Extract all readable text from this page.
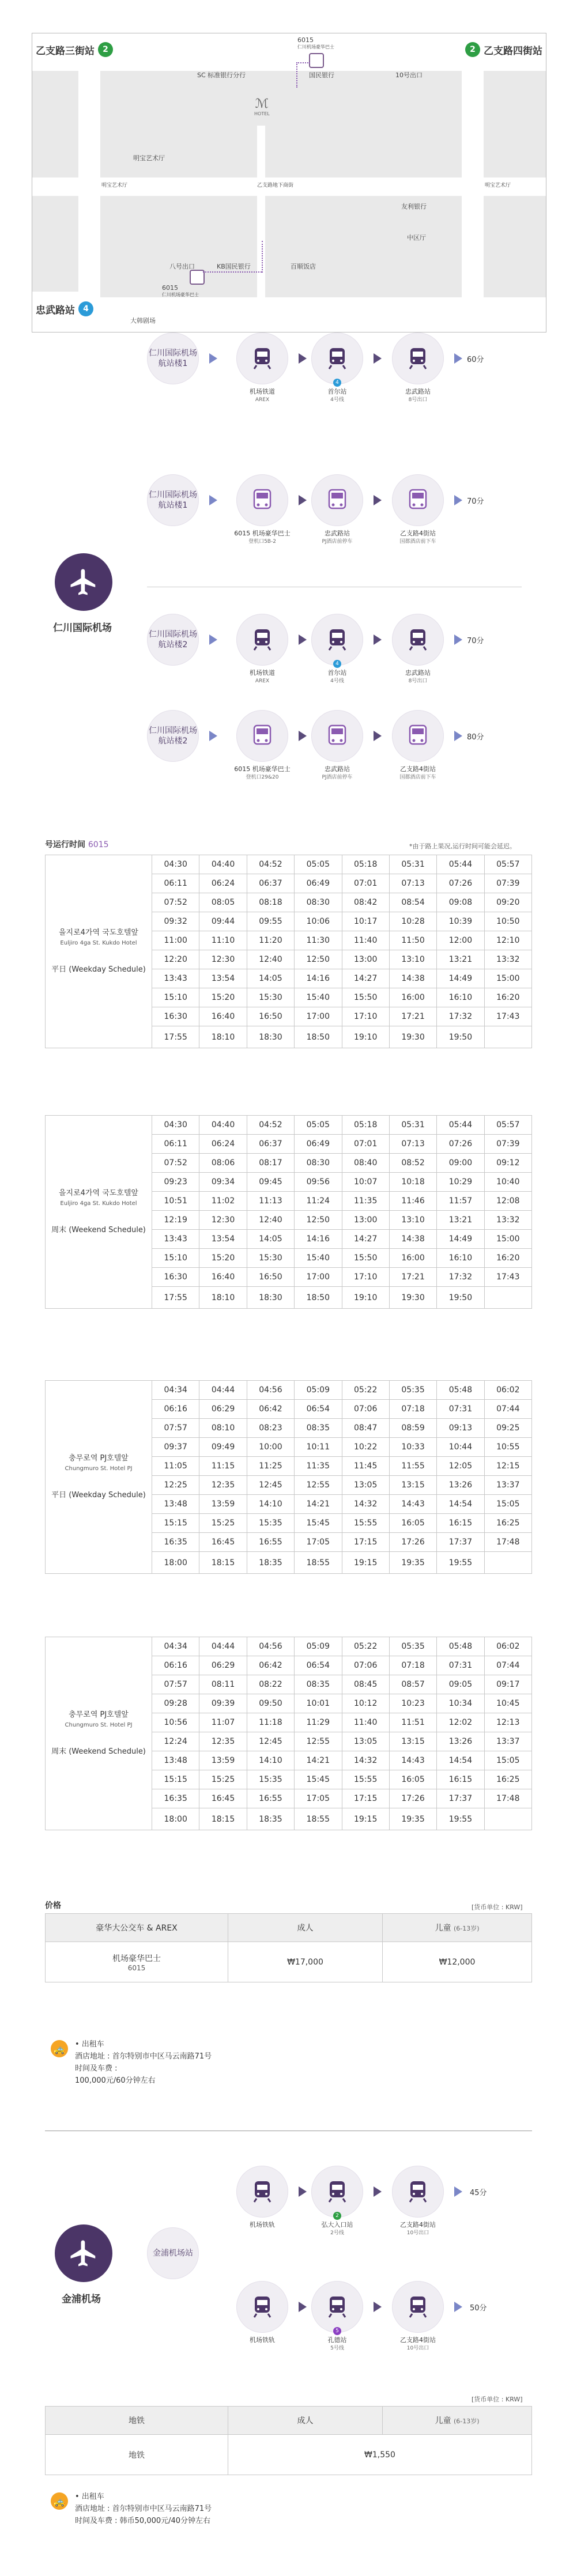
乙支路三街站	2	2 乙支路四街站
忠武路站	4
6015
仁川机场豪华巴士
6015
仁川机场豪华巴士
ℳ
HOTEL
SC 标准银行分行	国民银行	10号出口
明宝艺术厅
明宝艺术厅	明宝艺术厅
乙支路地下商街
友利银行
中区厅
八号出口	KB国民银行	百顺饭店
大韩剧场
仁川国际机场
仁川国际机场航站楼1
机场铁道
AREX
4
首尔站
4号线
忠武路站
8号出口
60分
仁川国际机场航站楼1
6015 机场豪华巴士
登机口5B-2
忠武路站
PJ酒店前停车
乙支路4街站
国都酒店前下车
70分
仁川国际机场航站楼2
机场铁道
AREX
4
首尔站
4号线
忠武路站
8号出口
70分
仁川国际机场航站楼2
6015 机场豪华巴士
登机口29&20
忠武路站
PJ酒店前停车
乙支路4街站
国都酒店前下车
80分
号运行时间 6015	*由于路上果况,运行时间可能会延迟。
을지로4가역 국도호텔앞
Euljiro 4ga St. Kukdo Hotel
平日 (Weekday Schedule)	04:30	04:40	04:52	05:05	05:18	05:31	05:44	05:57
	06:11	06:24	06:37	06:49	07:01	07:13	07:26	07:39
	07:52	08:05	08:18	08:30	08:42	08:54	09:08	09:20
	09:32	09:44	09:55	10:06	10:17	10:28	10:39	10:50
	11:00	11:10	11:20	11:30	11:40	11:50	12:00	12:10
	12:20	12:30	12:40	12:50	13:00	13:10	13:21	13:32
	13:43	13:54	14:05	14:16	14:27	14:38	14:49	15:00
	15:10	15:20	15:30	15:40	15:50	16:00	16:10	16:20
	16:30	16:40	16:50	17:00	17:10	17:21	17:32	17:43
	17:55	18:10	18:30	18:50	19:10	19:30	19:50	
을지로4가역 국도호텔앞
Euljiro 4ga St. Kukdo Hotel
周末 (Weekend Schedule)	04:30	04:40	04:52	05:05	05:18	05:31	05:44	05:57
	06:11	06:24	06:37	06:49	07:01	07:13	07:26	07:39
	07:52	08:06	08:17	08:30	08:40	08:52	09:00	09:12
	09:23	09:34	09:45	09:56	10:07	10:18	10:29	10:40
	10:51	11:02	11:13	11:24	11:35	11:46	11:57	12:08
	12:19	12:30	12:40	12:50	13:00	13:10	13:21	13:32
	13:43	13:54	14:05	14:16	14:27	14:38	14:49	15:00
	15:10	15:20	15:30	15:40	15:50	16:00	16:10	16:20
	16:30	16:40	16:50	17:00	17:10	17:21	17:32	17:43
	17:55	18:10	18:30	18:50	19:10	19:30	19:50	
충무로역 PJ호텔앞
Chungmuro St. Hotel PJ
平日 (Weekday Schedule)	04:34	04:44	04:56	05:09	05:22	05:35	05:48	06:02
	06:16	06:29	06:42	06:54	07:06	07:18	07:31	07:44
	07:57	08:10	08:23	08:35	08:47	08:59	09:13	09:25
	09:37	09:49	10:00	10:11	10:22	10:33	10:44	10:55
	11:05	11:15	11:25	11:35	11:45	11:55	12:05	12:15
	12:25	12:35	12:45	12:55	13:05	13:15	13:26	13:37
	13:48	13:59	14:10	14:21	14:32	14:43	14:54	15:05
	15:15	15:25	15:35	15:45	15:55	16:05	16:15	16:25
	16:35	16:45	16:55	17:05	17:15	17:26	17:37	17:48
	18:00	18:15	18:35	18:55	19:15	19:35	19:55	
충무로역 PJ호텔앞
Chungmuro St. Hotel PJ
周末 (Weekend Schedule)	04:34	04:44	04:56	05:09	05:22	05:35	05:48	06:02
	06:16	06:29	06:42	06:54	07:06	07:18	07:31	07:44
	07:57	08:11	08:22	08:35	08:45	08:57	09:05	09:17
	09:28	09:39	09:50	10:01	10:12	10:23	10:34	10:45
	10:56	11:07	11:18	11:29	11:40	11:51	12:02	12:13
	12:24	12:35	12:45	12:55	13:05	13:15	13:26	13:37
	13:48	13:59	14:10	14:21	14:32	14:43	14:54	15:05
	15:15	15:25	15:35	15:45	15:55	16:05	16:15	16:25
	16:35	16:45	16:55	17:05	17:15	17:26	17:37	17:48
	18:00	18:15	18:35	18:55	19:15	19:35	19:55	
价格	[货币单位 : KRW]
豪华大公交车 & AREX	成人	儿童 (6-13岁)

机场豪华巴士
6015	₩17,000	₩12,000
🚕 • 出租车
酒店地址 : 首尔特别市中区马云南路71号
时间及车费 :
100,000元/60分钟左右
金浦机场
金浦机场站
机场铁轨
2
弘大入口站
2号线
乙支路4街站
10号出口
45分
机场铁轨
5
孔德站
5号线
乙支路4街站
10号出口
50分
[货币单位 : KRW]
地铁	成人	儿童 (6-13岁)
地铁	₩1,550	
🚕 • 出租车
酒店地址 : 首尔特别市中区马云南路71号
时间及车费 : 韩币50,000元/40分钟左右
